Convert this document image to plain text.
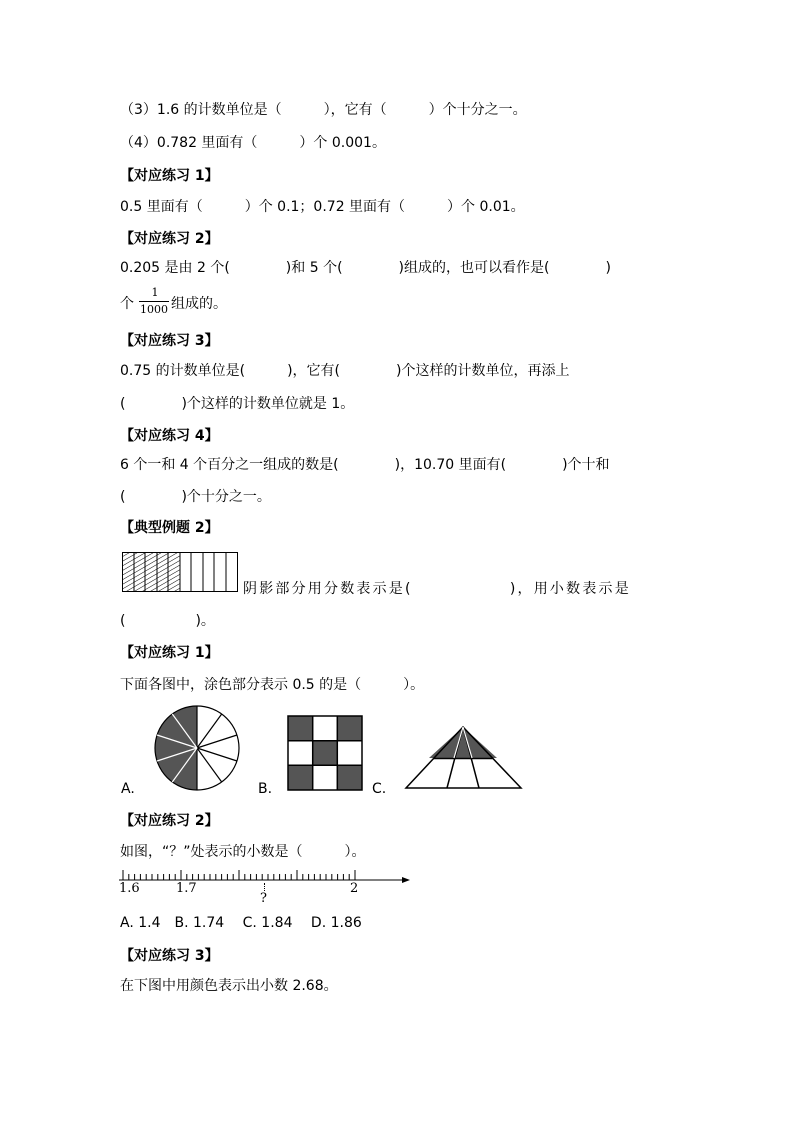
（3）1.6 的计数单位是（　　　），它有（　　　）个十分之一。
（4）0.782 里面有（　　　）个 0.001。
【对应练习 1】
0.5 里面有（　　　）个 0.1；0.72 里面有（　　　）个 0.01。
【对应练习 2】
0.205 是由 2 个(　　　　)和 5 个(　　　　)组成的，也可以看作是(　　　　)
个
1
1000 组成的。
【对应练习 3】
0.75 的计数单位是(　　　)，它有(　　　　)个这样的计数单位，再添上
(　　　　)个这样的计数单位就是 1。
【对应练习 4】
6 个一和 4 个百分之一组成的数是(　　　　)，10.70 里面有(　　　　)个十和
(　　　　)个十分之一。
【典型例题 2】
阴影部分用分数表示是(　　　　　　)，用小数表示是
(　　　　　)。
【对应练习 1】
下面各图中，涂色部分表示 0.5 的是（　　　）。
A.	B.	C.
【对应练习 2】
如图，“？”处表示的小数是（　　　）。
1.6	1.7	2
?
A. 1.4　B. 1.74　 C. 1.84　 D. 1.86
【对应练习 3】
在下图中用颜色表示出小数 2.68。
